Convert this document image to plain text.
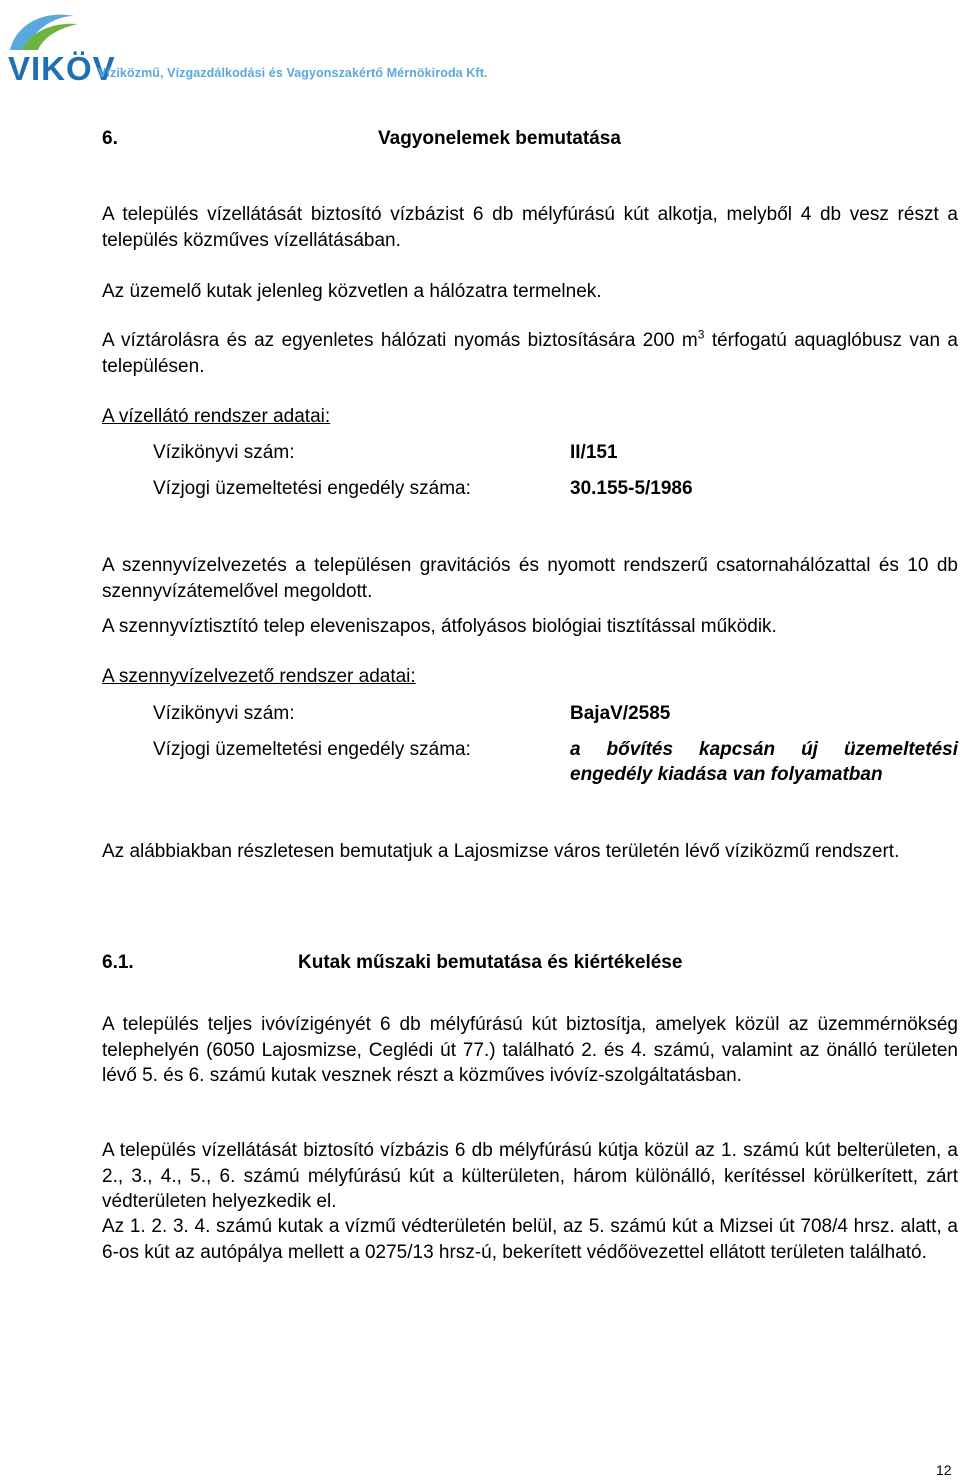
VIKÖV
Víziközmű, Vízgazdálkodási és Vagyonszakértő Mérnökiroda Kft.
6.	Vagyonelemek bemutatása
A település vízellátását biztosító vízbázist 6 db mélyfúrású kút alkotja, melyből 4 db vesz részt a település közműves vízellátásában.
Az üzemelő kutak jelenleg közvetlen a hálózatra termelnek.
A víztárolásra és az egyenletes hálózati nyomás biztosítására 200 $m^3$ térfogatú aquaglóbusz van a településen.
A vízellátó rendszer adatai:
Vízikönyvi szám:	II/151
Vízjogi üzemeltetési engedély száma:	30.155-5/1986
A szennyvízelvezetés a településen gravitációs és nyomott rendszerű csatornahálózattal és 10 db szennyvízátemelővel megoldott.
A szennyvíztisztító telep eleveniszapos, átfolyásos biológiai tisztítással működik.
A szennyvízelvezető rendszer adatai:
Vízikönyvi szám:	BajaV/2585
Vízjogi üzemeltetési engedély száma:	a bővítés kapcsán új üzemeltetési
engedély kiadása van folyamatban
Az alábbiakban részletesen bemutatjuk a Lajosmizse város területén lévő víziközmű rendszert.
6.1.	Kutak műszaki bemutatása és kiértékelése
A település teljes ivóvízigényét 6 db mélyfúrású kút biztosítja, amelyek közül az üzemmérnökség telephelyén (6050 Lajosmizse, Ceglédi út 77.) található 2. és 4. számú, valamint az önálló területen lévő 5. és 6. számú kutak vesznek részt a közműves ivóvíz-szolgáltatásban.
A település vízellátását biztosító vízbázis 6 db mélyfúrású kútja közül az 1. számú kút belterületen, a 2., 3., 4., 5., 6. számú mélyfúrású kút a külterületen, három különálló, kerítéssel körülkerített, zárt védterületen helyezkedik el.
Az 1. 2. 3. 4. számú kutak a vízmű védterületén belül, az 5. számú kút a Mizsei út 708/4 hrsz. alatt, a 6-os kút az autópálya mellett a 0275/13 hrsz-ú, bekerített védőövezettel ellátott területen található.
12
